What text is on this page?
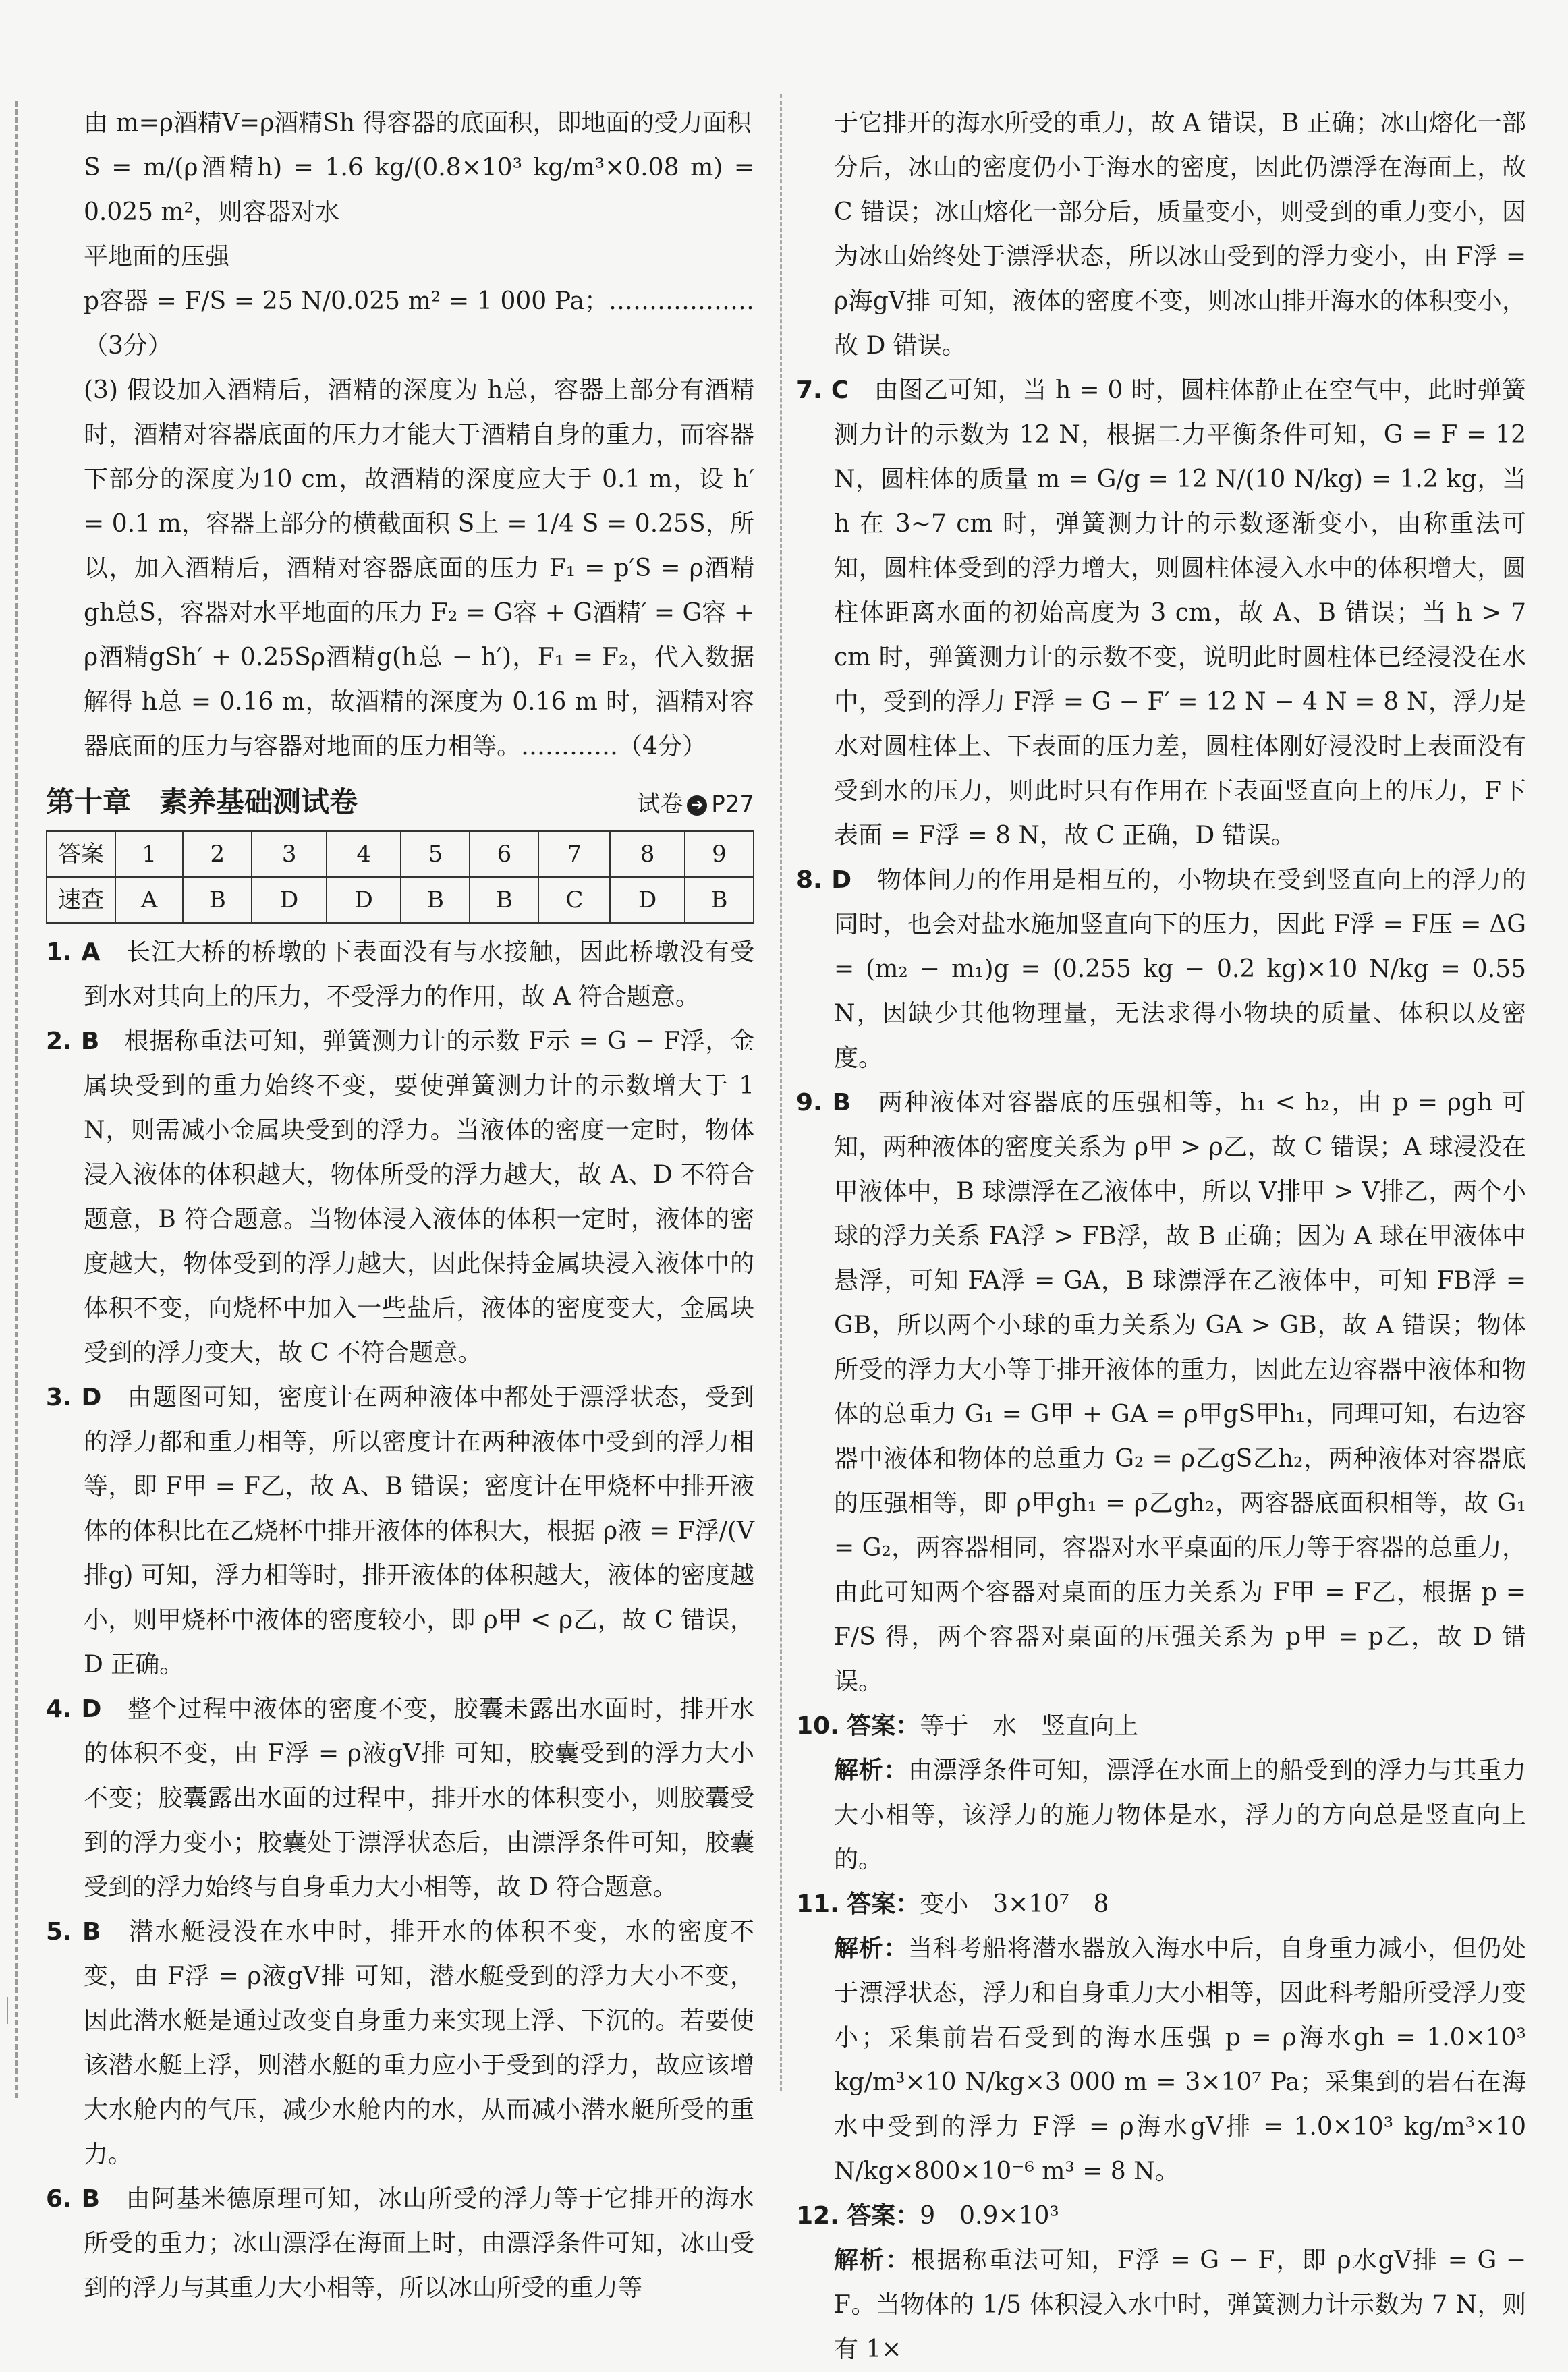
由 m=ρ酒精V=ρ酒精Sh 得容器的底面积，即地面的受力面积

S = m/(ρ酒精h) = 1.6 kg/(0.8×10³ kg/m³×0.08 m) = 0.025 m²，则容器对水

平地面的压强

p容器 = F/S = 25 N/0.025 m² = 1 000 Pa；………………（3分）

(3) 假设加入酒精后，酒精的深度为 h总，容器上部分有酒精时，酒精对容器底面的压力才能大于酒精自身的重力，而容器下部分的深度为10 cm，故酒精的深度应大于 0.1 m，设 h′ = 0.1 m，容器上部分的横截面积 S上 = 1/4 S = 0.25S，所以，加入酒精后，酒精对容器底面的压力 F₁ = p′S = ρ酒精gh总S，容器对水平地面的压力 F₂ = G容 + G酒精′ = G容 + ρ酒精gSh′ + 0.25Sρ酒精g(h总 − h′)，F₁ = F₂，代入数据解得 h总 = 0.16 m，故酒精的深度为 0.16 m 时，酒精对容器底面的压力与容器对地面的压力相等。…………（4分）

第十章　素养基础测试卷	试卷 ➔ P27
答案	1	2	3	4	5	6	7	8	9
速查	A	B	D	D	B	B	C	D	B

1. A　 长江大桥的桥墩的下表面没有与水接触，因此桥墩没有受到水对其向上的压力，不受浮力的作用，故 A 符合题意。

2. B　 根据称重法可知，弹簧测力计的示数 F示 = G − F浮，金属块受到的重力始终不变，要使弹簧测力计的示数增大于 1 N，则需减小金属块受到的浮力。当液体的密度一定时，物体浸入液体的体积越大，物体所受的浮力越大，故 A、D 不符合题意，B 符合题意。当物体浸入液体的体积一定时，液体的密度越大，物体受到的浮力越大，因此保持金属块浸入液体中的体积不变，向烧杯中加入一些盐后，液体的密度变大，金属块受到的浮力变大，故 C 不符合题意。

3. D　 由题图可知，密度计在两种液体中都处于漂浮状态，受到的浮力都和重力相等，所以密度计在两种液体中受到的浮力相等，即 F甲 = F乙，故 A、B 错误；密度计在甲烧杯中排开液体的体积比在乙烧杯中排开液体的体积大，根据 ρ液 = F浮/(V排g) 可知，浮力相等时，排开液体的体积越大，液体的密度越小，则甲烧杯中液体的密度较小，即 ρ甲 < ρ乙，故 C 错误，D 正确。

4. D　 整个过程中液体的密度不变，胶囊未露出水面时，排开水的体积不变，由 F浮 = ρ液gV排 可知，胶囊受到的浮力大小不变；胶囊露出水面的过程中，排开水的体积变小，则胶囊受到的浮力变小；胶囊处于漂浮状态后，由漂浮条件可知，胶囊受到的浮力始终与自身重力大小相等，故 D 符合题意。

5. B　 潜水艇浸没在水中时，排开水的体积不变，水的密度不变，由 F浮 = ρ液gV排 可知，潜水艇受到的浮力大小不变，因此潜水艇是通过改变自身重力来实现上浮、下沉的。若要使该潜水艇上浮，则潜水艇的重力应小于受到的浮力，故应该增大水舱内的气压，减少水舱内的水，从而减小潜水艇所受的重力。

6. B　 由阿基米德原理可知，冰山所受的浮力等于它排开的海水所受的重力；冰山漂浮在海面上时，由漂浮条件可知，冰山受到的浮力与其重力大小相等，所以冰山所受的重力等

于它排开的海水所受的重力，故 A 错误，B 正确；冰山熔化一部分后，冰山的密度仍小于海水的密度，因此仍漂浮在海面上，故 C 错误；冰山熔化一部分后，质量变小，则受到的重力变小，因为冰山始终处于漂浮状态，所以冰山受到的浮力变小，由 F浮 = ρ海gV排 可知，液体的密度不变，则冰山排开海水的体积变小，故 D 错误。

7. C　 由图乙可知，当 h = 0 时，圆柱体静止在空气中，此时弹簧测力计的示数为 12 N，根据二力平衡条件可知，G = F = 12 N，圆柱体的质量 m = G/g = 12 N/(10 N/kg) = 1.2 kg，当 h 在 3~7 cm 时，弹簧测力计的示数逐渐变小，由称重法可知，圆柱体受到的浮力增大，则圆柱体浸入水中的体积增大，圆柱体距离水面的初始高度为 3 cm，故 A、B 错误；当 h > 7 cm 时，弹簧测力计的示数不变，说明此时圆柱体已经浸没在水中，受到的浮力 F浮 = G − F′ = 12 N − 4 N = 8 N，浮力是水对圆柱体上、下表面的压力差，圆柱体刚好浸没时上表面没有受到水的压力，则此时只有作用在下表面竖直向上的压力，F下表面 = F浮 = 8 N，故 C 正确，D 错误。

8. D　 物体间力的作用是相互的，小物块在受到竖直向上的浮力的同时，也会对盐水施加竖直向下的压力，因此 F浮 = F压 = ΔG = (m₂ − m₁)g = (0.255 kg − 0.2 kg)×10 N/kg = 0.55 N，因缺少其他物理量，无法求得小物块的质量、体积以及密度。

9. B　 两种液体对容器底的压强相等，h₁ < h₂，由 p = ρgh 可知，两种液体的密度关系为 ρ甲 > ρ乙，故 C 错误；A 球浸没在甲液体中，B 球漂浮在乙液体中，所以 V排甲 > V排乙，两个小球的浮力关系 FA浮 > FB浮，故 B 正确；因为 A 球在甲液体中悬浮，可知 FA浮 = GA，B 球漂浮在乙液体中，可知 FB浮 = GB，所以两个小球的重力关系为 GA > GB，故 A 错误；物体所受的浮力大小等于排开液体的重力，因此左边容器中液体和物体的总重力 G₁ = G甲 + GA = ρ甲gS甲h₁，同理可知，右边容器中液体和物体的总重力 G₂ = ρ乙gS乙h₂，两种液体对容器底的压强相等，即 ρ甲gh₁ = ρ乙gh₂，两容器底面积相等，故 G₁ = G₂，两容器相同，容器对水平桌面的压力等于容器的总重力，由此可知两个容器对桌面的压力关系为 F甲 = F乙，根据 p = F/S 得，两个容器对桌面的压强关系为 p甲 = p乙，故 D 错误。

10. 答案：等于　水　竖直向上

解析：由漂浮条件可知，漂浮在水面上的船受到的浮力与其重力大小相等，该浮力的施力物体是水，浮力的方向总是竖直向上的。

11. 答案：变小　3×10⁷　8

解析：当科考船将潜水器放入海水中后，自身重力减小，但仍处于漂浮状态，浮力和自身重力大小相等，因此科考船所受浮力变小；采集前岩石受到的海水压强 p = ρ海水gh = 1.0×10³ kg/m³×10 N/kg×3 000 m = 3×10⁷ Pa；采集到的岩石在海水中受到的浮力 F浮 = ρ海水gV排 = 1.0×10³ kg/m³×10 N/kg×800×10⁻⁶ m³ = 8 N。

12. 答案：9　0.9×10³

解析：根据称重法可知，F浮 = G − F，即 ρ水gV排 = G − F。当物体的 1/5 体积浸入水中时，弹簧测力计示数为 7 N，则有 1×
